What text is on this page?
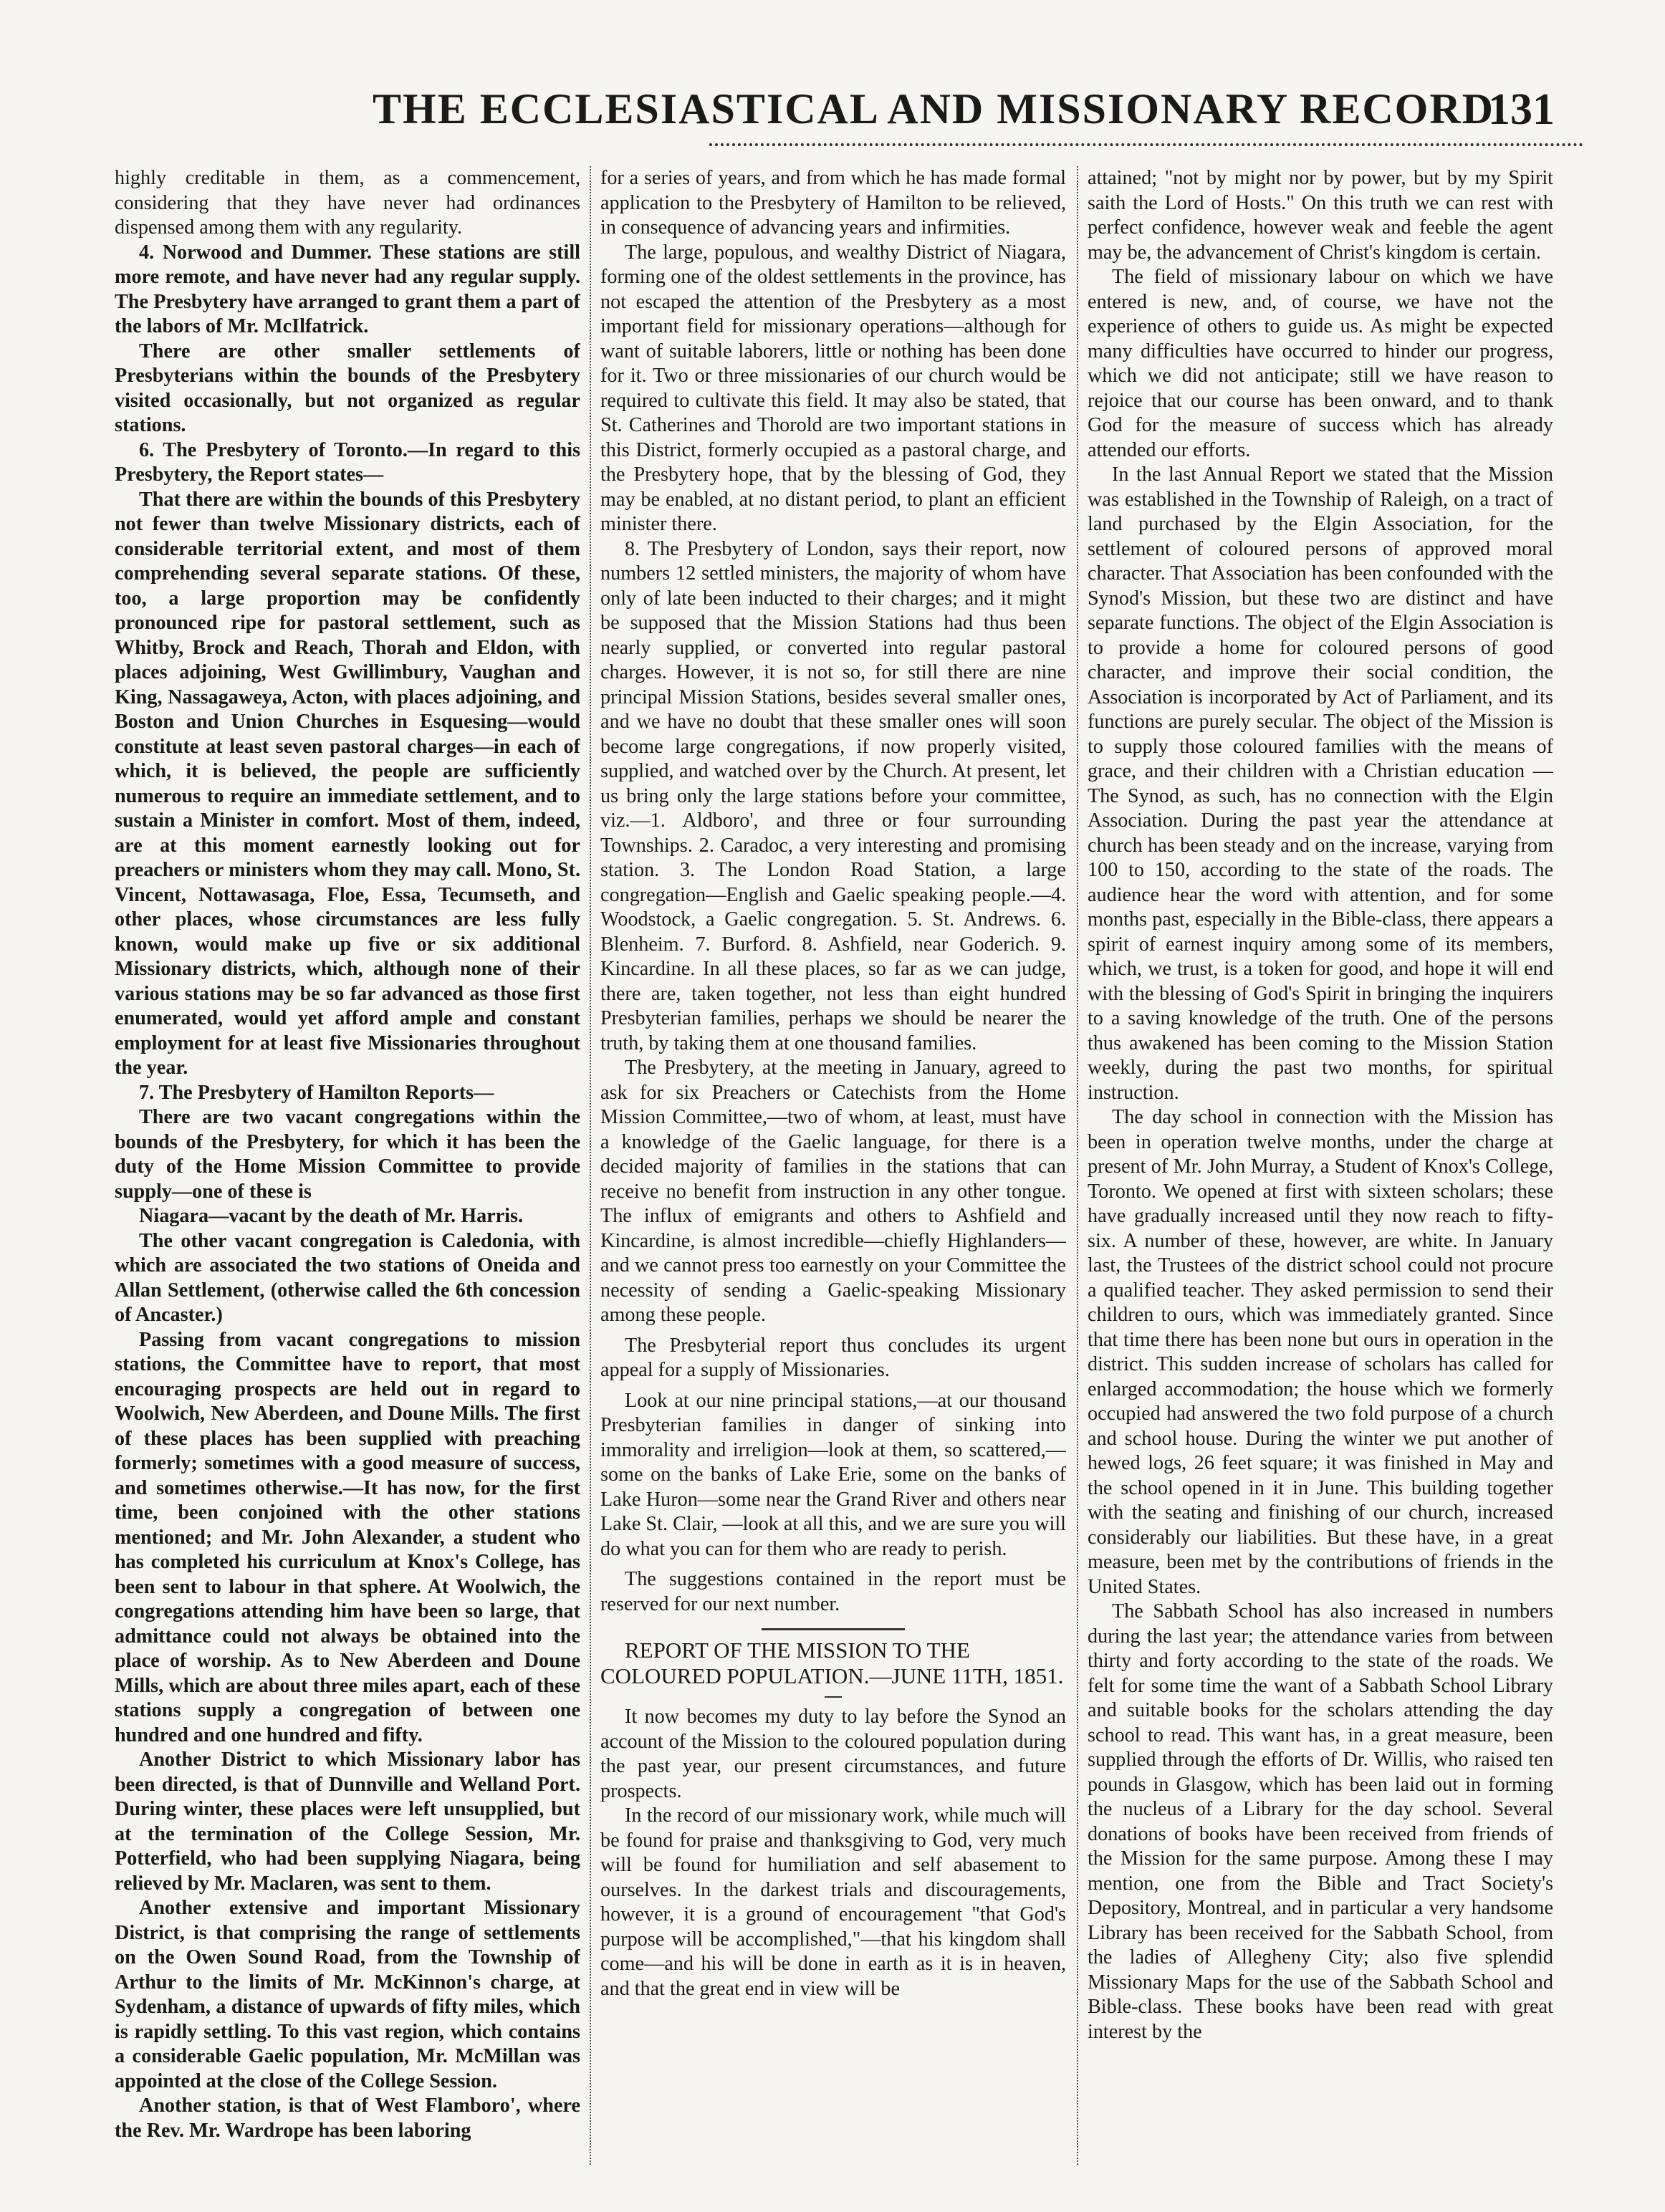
THE ECCLESIASTICAL AND MISSIONARY RECORD.
131

highly creditable in them, as a commencement, considering that they have never had ordinances dispensed among them with any regularity.

4. Norwood and Dummer. These stations are still more remote, and have never had any regular supply. The Presbytery have arranged to grant them a part of the labors of Mr. McIlfatrick.

There are other smaller settlements of Presbyterians within the bounds of the Presbytery visited occasionally, but not organized as regular stations.

6. The Presbytery of Toronto.—In regard to this Presbytery, the Report states—

That there are within the bounds of this Presbytery not fewer than twelve Missionary districts, each of considerable territorial extent, and most of them comprehending several separate stations. Of these, too, a large proportion may be confidently pronounced ripe for pastoral settlement, such as Whitby, Brock and Reach, Thorah and Eldon, with places adjoining, West Gwillimbury, Vaughan and King, Nassagaweya, Acton, with places adjoining, and Boston and Union Churches in Esquesing—would constitute at least seven pastoral charges—in each of which, it is believed, the people are sufficiently numerous to require an immediate settlement, and to sustain a Minister in comfort. Most of them, indeed, are at this moment earnestly looking out for preachers or ministers whom they may call. Mono, St. Vincent, Nottawasaga, Floe, Essa, Tecumseth, and other places, whose circumstances are less fully known, would make up five or six additional Missionary districts, which, although none of their various stations may be so far advanced as those first enumerated, would yet afford ample and constant employment for at least five Missionaries throughout the year.

7. The Presbytery of Hamilton Reports—

There are two vacant congregations within the bounds of the Presbytery, for which it has been the duty of the Home Mission Committee to provide supply—one of these is

Niagara—vacant by the death of Mr. Harris.

The other vacant congregation is Caledonia, with which are associated the two stations of Oneida and Allan Settlement, (otherwise called the 6th concession of Ancaster.)

Passing from vacant congregations to mission stations, the Committee have to report, that most encouraging prospects are held out in regard to Woolwich, New Aberdeen, and Doune Mills. The first of these places has been supplied with preaching formerly; sometimes with a good measure of success, and sometimes otherwise.—It has now, for the first time, been conjoined with the other stations mentioned; and Mr. John Alexander, a student who has completed his curriculum at Knox's College, has been sent to labour in that sphere. At Woolwich, the congregations attending him have been so large, that admittance could not always be obtained into the place of worship. As to New Aberdeen and Doune Mills, which are about three miles apart, each of these stations supply a congregation of between one hundred and one hundred and fifty.

Another District to which Missionary labor has been directed, is that of Dunnville and Welland Port. During winter, these places were left unsupplied, but at the termination of the College Session, Mr. Potterfield, who had been supplying Niagara, being relieved by Mr. Maclaren, was sent to them.

Another extensive and important Missionary District, is that comprising the range of settlements on the Owen Sound Road, from the Township of Arthur to the limits of Mr. McKinnon's charge, at Sydenham, a distance of upwards of fifty miles, which is rapidly settling. To this vast region, which contains a considerable Gaelic population, Mr. McMillan was appointed at the close of the College Session.

Another station, is that of West Flamboro', where the Rev. Mr. Wardrope has been laboring

for a series of years, and from which he has made formal application to the Presbytery of Hamilton to be relieved, in consequence of advancing years and infirmities.

The large, populous, and wealthy District of Niagara, forming one of the oldest settlements in the province, has not escaped the attention of the Presbytery as a most important field for missionary operations—although for want of suitable laborers, little or nothing has been done for it. Two or three missionaries of our church would be required to cultivate this field. It may also be stated, that St. Catherines and Thorold are two important stations in this District, formerly occupied as a pastoral charge, and the Presbytery hope, that by the blessing of God, they may be enabled, at no distant period, to plant an efficient minister there.

8. The Presbytery of London, says their report, now numbers 12 settled ministers, the majority of whom have only of late been inducted to their charges; and it might be supposed that the Mission Stations had thus been nearly supplied, or converted into regular pastoral charges. However, it is not so, for still there are nine principal Mission Stations, besides several smaller ones, and we have no doubt that these smaller ones will soon become large congregations, if now properly visited, supplied, and watched over by the Church. At present, let us bring only the large stations before your committee, viz.—1. Aldboro', and three or four surrounding Townships. 2. Caradoc, a very interesting and promising station. 3. The London Road Station, a large congregation—English and Gaelic speaking people.—4. Woodstock, a Gaelic congregation. 5. St. Andrews. 6. Blenheim. 7. Burford. 8. Ashfield, near Goderich. 9. Kincardine. In all these places, so far as we can judge, there are, taken together, not less than eight hundred Presbyterian families, perhaps we should be nearer the truth, by taking them at one thousand families.

The Presbytery, at the meeting in January, agreed to ask for six Preachers or Catechists from the Home Mission Committee,—two of whom, at least, must have a knowledge of the Gaelic language, for there is a decided majority of families in the stations that can receive no benefit from instruction in any other tongue. The influx of emigrants and others to Ashfield and Kincardine, is almost incredible—chiefly Highlanders—and we cannot press too earnestly on your Committee the necessity of sending a Gaelic-speaking Missionary among these people.

The Presbyterial report thus concludes its urgent appeal for a supply of Missionaries.

Look at our nine principal stations,—at our thousand Presbyterian families in danger of sinking into immorality and irreligion—look at them, so scattered,—some on the banks of Lake Erie, some on the banks of Lake Huron—some near the Grand River and others near Lake St. Clair, —look at all this, and we are sure you will do what you can for them who are ready to perish.

The suggestions contained in the report must be reserved for our next number.

REPORT OF THE MISSION TO THE COLOURED POPULATION.—JUNE 11TH, 1851.

It now becomes my duty to lay before the Synod an account of the Mission to the coloured population during the past year, our present circumstances, and future prospects.

In the record of our missionary work, while much will be found for praise and thanksgiving to God, very much will be found for humiliation and self abasement to ourselves. In the darkest trials and discouragements, however, it is a ground of encouragement "that God's purpose will be accomplished,"—that his kingdom shall come—and his will be done in earth as it is in heaven, and that the great end in view will be

attained; "not by might nor by power, but by my Spirit saith the Lord of Hosts." On this truth we can rest with perfect confidence, however weak and feeble the agent may be, the advancement of Christ's kingdom is certain.

The field of missionary labour on which we have entered is new, and, of course, we have not the experience of others to guide us. As might be expected many difficulties have occurred to hinder our progress, which we did not anticipate; still we have reason to rejoice that our course has been onward, and to thank God for the measure of success which has already attended our efforts.

In the last Annual Report we stated that the Mission was established in the Township of Raleigh, on a tract of land purchased by the Elgin Association, for the settlement of coloured persons of approved moral character. That Association has been confounded with the Synod's Mission, but these two are distinct and have separate functions. The object of the Elgin Association is to provide a home for coloured persons of good character, and improve their social condition, the Association is incorporated by Act of Parliament, and its functions are purely secular. The object of the Mission is to supply those coloured families with the means of grace, and their children with a Christian education —The Synod, as such, has no connection with the Elgin Association. During the past year the attendance at church has been steady and on the increase, varying from 100 to 150, according to the state of the roads. The audience hear the word with attention, and for some months past, especially in the Bible-class, there appears a spirit of earnest inquiry among some of its members, which, we trust, is a token for good, and hope it will end with the blessing of God's Spirit in bringing the inquirers to a saving knowledge of the truth. One of the persons thus awakened has been coming to the Mission Station weekly, during the past two months, for spiritual instruction.

The day school in connection with the Mission has been in operation twelve months, under the charge at present of Mr. John Murray, a Student of Knox's College, Toronto. We opened at first with sixteen scholars; these have gradually increased until they now reach to fifty-six. A number of these, however, are white. In January last, the Trustees of the district school could not procure a qualified teacher. They asked permission to send their children to ours, which was immediately granted. Since that time there has been none but ours in operation in the district. This sudden increase of scholars has called for enlarged accommodation; the house which we formerly occupied had answered the two fold purpose of a church and school house. During the winter we put another of hewed logs, 26 feet square; it was finished in May and the school opened in it in June. This building together with the seating and finishing of our church, increased considerably our liabilities. But these have, in a great measure, been met by the contributions of friends in the United States.

The Sabbath School has also increased in numbers during the last year; the attendance varies from between thirty and forty according to the state of the roads. We felt for some time the want of a Sabbath School Library and suitable books for the scholars attending the day school to read. This want has, in a great measure, been supplied through the efforts of Dr. Willis, who raised ten pounds in Glasgow, which has been laid out in forming the nucleus of a Library for the day school. Several donations of books have been received from friends of the Mission for the same purpose. Among these I may mention, one from the Bible and Tract Society's Depository, Montreal, and in particular a very handsome Library has been received for the Sabbath School, from the ladies of Allegheny City; also five splendid Missionary Maps for the use of the Sabbath School and Bible-class. These books have been read with great interest by the
